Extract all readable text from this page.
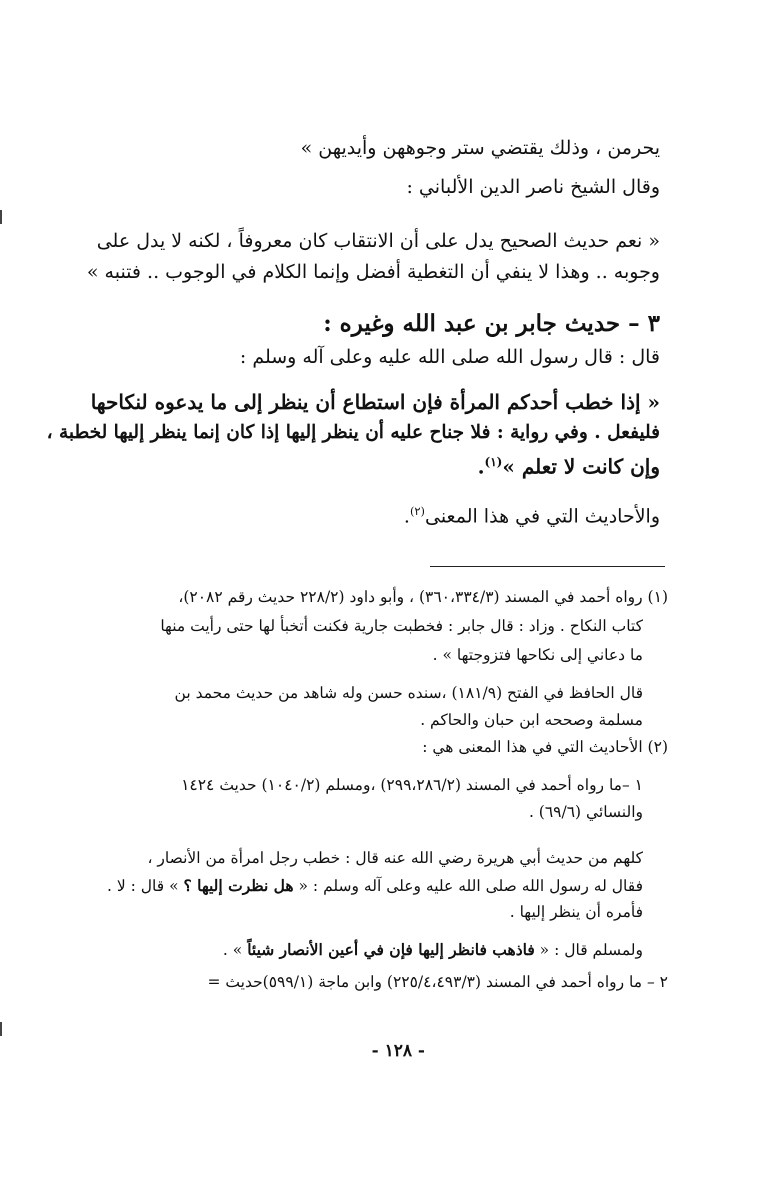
يحرمن ، وذلك يقتضي ستر وجوههن وأيديهن »
وقال الشيخ ناصر الدين الألباني :
« نعم حديث الصحيح يدل على أن الانتقاب كان معروفاً ، لكنه لا يدل على
وجوبه .. وهذا لا ينفي أن التغطية أفضل وإنما الكلام في الوجوب .. فتنبه »
٣ – حديث جابر بن عبد الله وغيره :
قال : قال رسول الله صلى الله عليه وعلى آله وسلم :
« إذا خطب أحدكم المرأة فإن استطاع أن ينظر إلى ما يدعوه لنكاحها
فليفعل . وفي رواية : فلا جناح عليه أن ينظر إليها إذا كان إنما ينظر إليها لخطبة ،
وإن كانت لا تعلم »$^{(١)}$.
والأحاديث التي في هذا المعنى$^{(٢)}$.
(١) رواه أحمد في المسند (٣٦٠،٣٣٤/٣) ، وأبو داود (٢٢٨/٢ حديث رقم ٢٠٨٢)،
كتاب النكاح . وزاد : قال جابر : فخطبت جارية فكنت أتخبأ لها حتى رأيت منها
ما دعاني إلى نكاحها فتزوجتها » .
قال الحافظ في الفتح (١٨١/٩) ،سنده حسن وله شاهد من حديث محمد بن
مسلمة وصححه ابن حبان والحاكم .
(٢) الأحاديث التي في هذا المعنى هي :
١ –ما رواه أحمد في المسند (٢٩٩،٢٨٦/٢) ،ومسلم (١٠٤٠/٢) حديث ١٤٢٤
والنسائي (٦٩/٦) .
كلهم من حديث أبي هريرة رضي الله عنه قال : خطب رجل امرأة من الأنصار ،
فقال له رسول الله صلى الله عليه وعلى آله وسلم : « هل نظرت إليها ؟ » قال : لا .
فأمره أن ينظر إليها .
ولمسلم قال : « فاذهب فانظر إليها فإن في أعين الأنصار شيئاً » .
٢ – ما رواه أحمد في المسند (٢٢٥/٤،٤٩٣/٣) وابن ماجة (٥٩٩/١)حديث =
- ١٢٨ -
